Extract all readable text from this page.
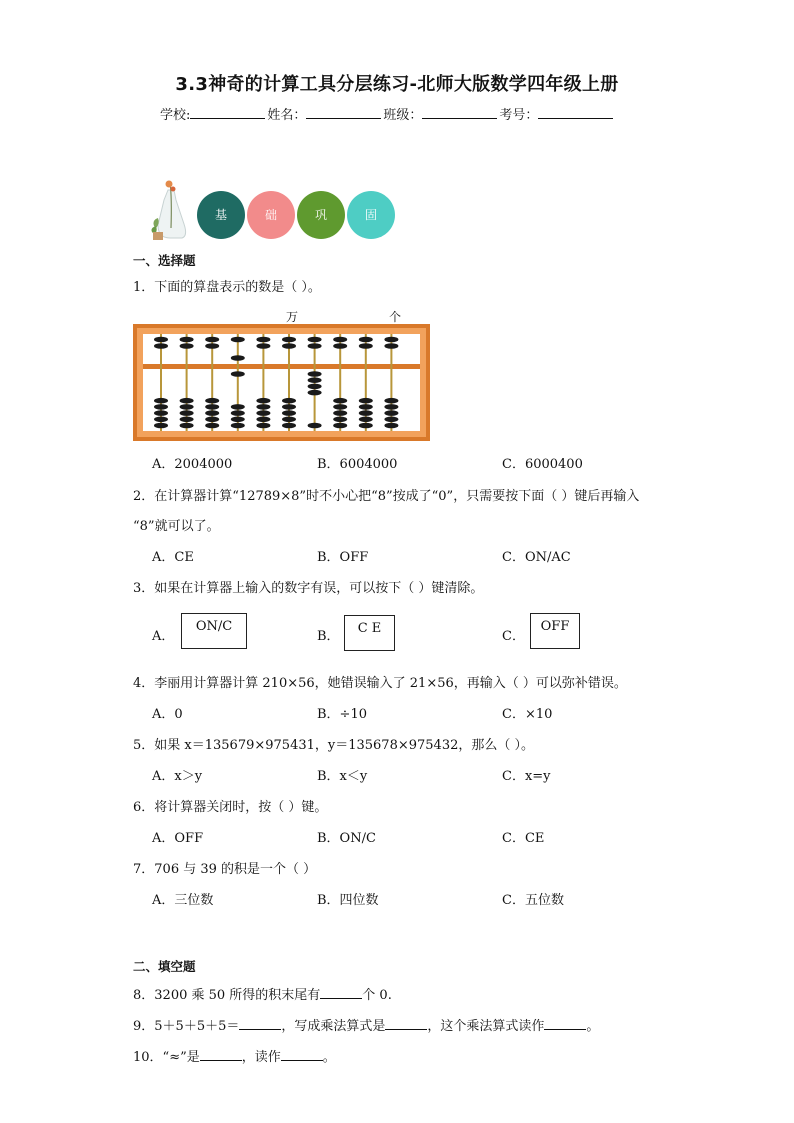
3.3神奇的计算工具分层练习-北师大版数学四年级上册
学校:	姓名：	班级：	考号：
基	础	巩	固
一、选择题
1．下面的算盘表示的数是（ ）。
万	个
A．2004000	B．6004000	C．6000400
2．在计算器计算“12789×8”时不小心把“8”按成了“0”，只需要按下面（ ）键后再输入
“8”就可以了。
A．CE	B．OFF	C．ON/AC
3．如果在计算器上输入的数字有误，可以按下（ ）键清除。
A．
ON/C
B．
C E
C．
OFF
4．李丽用计算器计算 210×56，她错误输入了 21×56，再输入（ ）可以弥补错误。
A．0	B．÷10	C．×10
5．如果 x＝135679×975431，y＝135678×975432，那么（ ）。
A．x＞y	B．x＜y	C．x=y
6．将计算器关闭时，按（ ）键。
A．OFF	B．ON/C	C．CE
7．706 与 39 的积是一个（ ）
A．三位数	B．四位数	C．五位数
二、填空题
8．3200 乘 50 所得的积末尾有	个 0.
9．5＋5＋5＋5＝	，写成乘法算式是	，这个乘法算式读作	。
10．“≈”是	，读作	。
